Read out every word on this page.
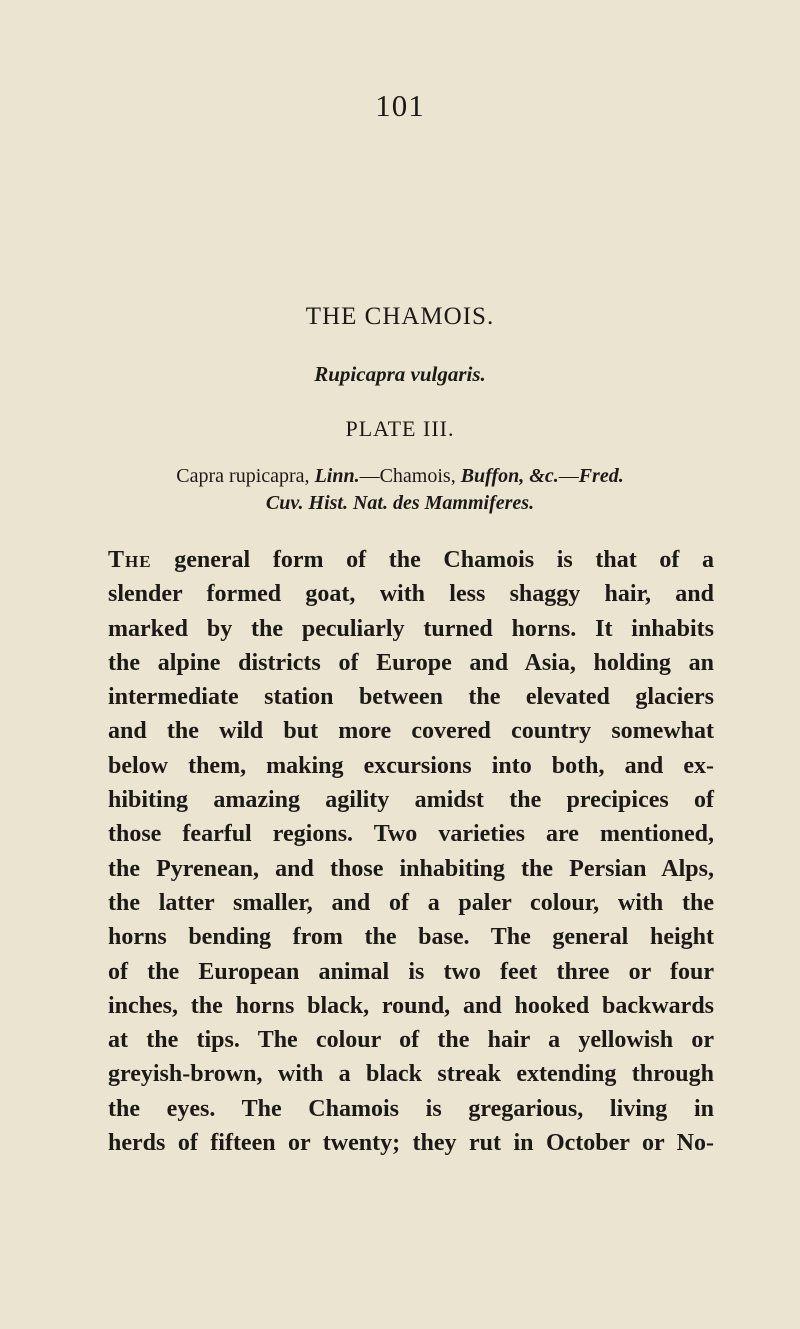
101
THE CHAMOIS.
Rupicapra vulgaris.
PLATE III.
Capra rupicapra, Linn.—Chamois, Buffon, &c.—Fred.
Cuv. Hist. Nat. des Mammiferes.
The general form of the Chamois is that of a
slender formed goat, with less shaggy hair, and
marked by the peculiarly turned horns. It inhabits
the alpine districts of Europe and Asia, holding an
intermediate station between the elevated glaciers
and the wild but more covered country somewhat
below them, making excursions into both, and ex-
hibiting amazing agility amidst the precipices of
those fearful regions. Two varieties are mentioned,
the Pyrenean, and those inhabiting the Persian Alps,
the latter smaller, and of a paler colour, with the
horns bending from the base. The general height
of the European animal is two feet three or four
inches, the horns black, round, and hooked backwards
at the tips. The colour of the hair a yellowish or
greyish-brown, with a black streak extending through
the eyes. The Chamois is gregarious, living in
herds of fifteen or twenty; they rut in October or No-
